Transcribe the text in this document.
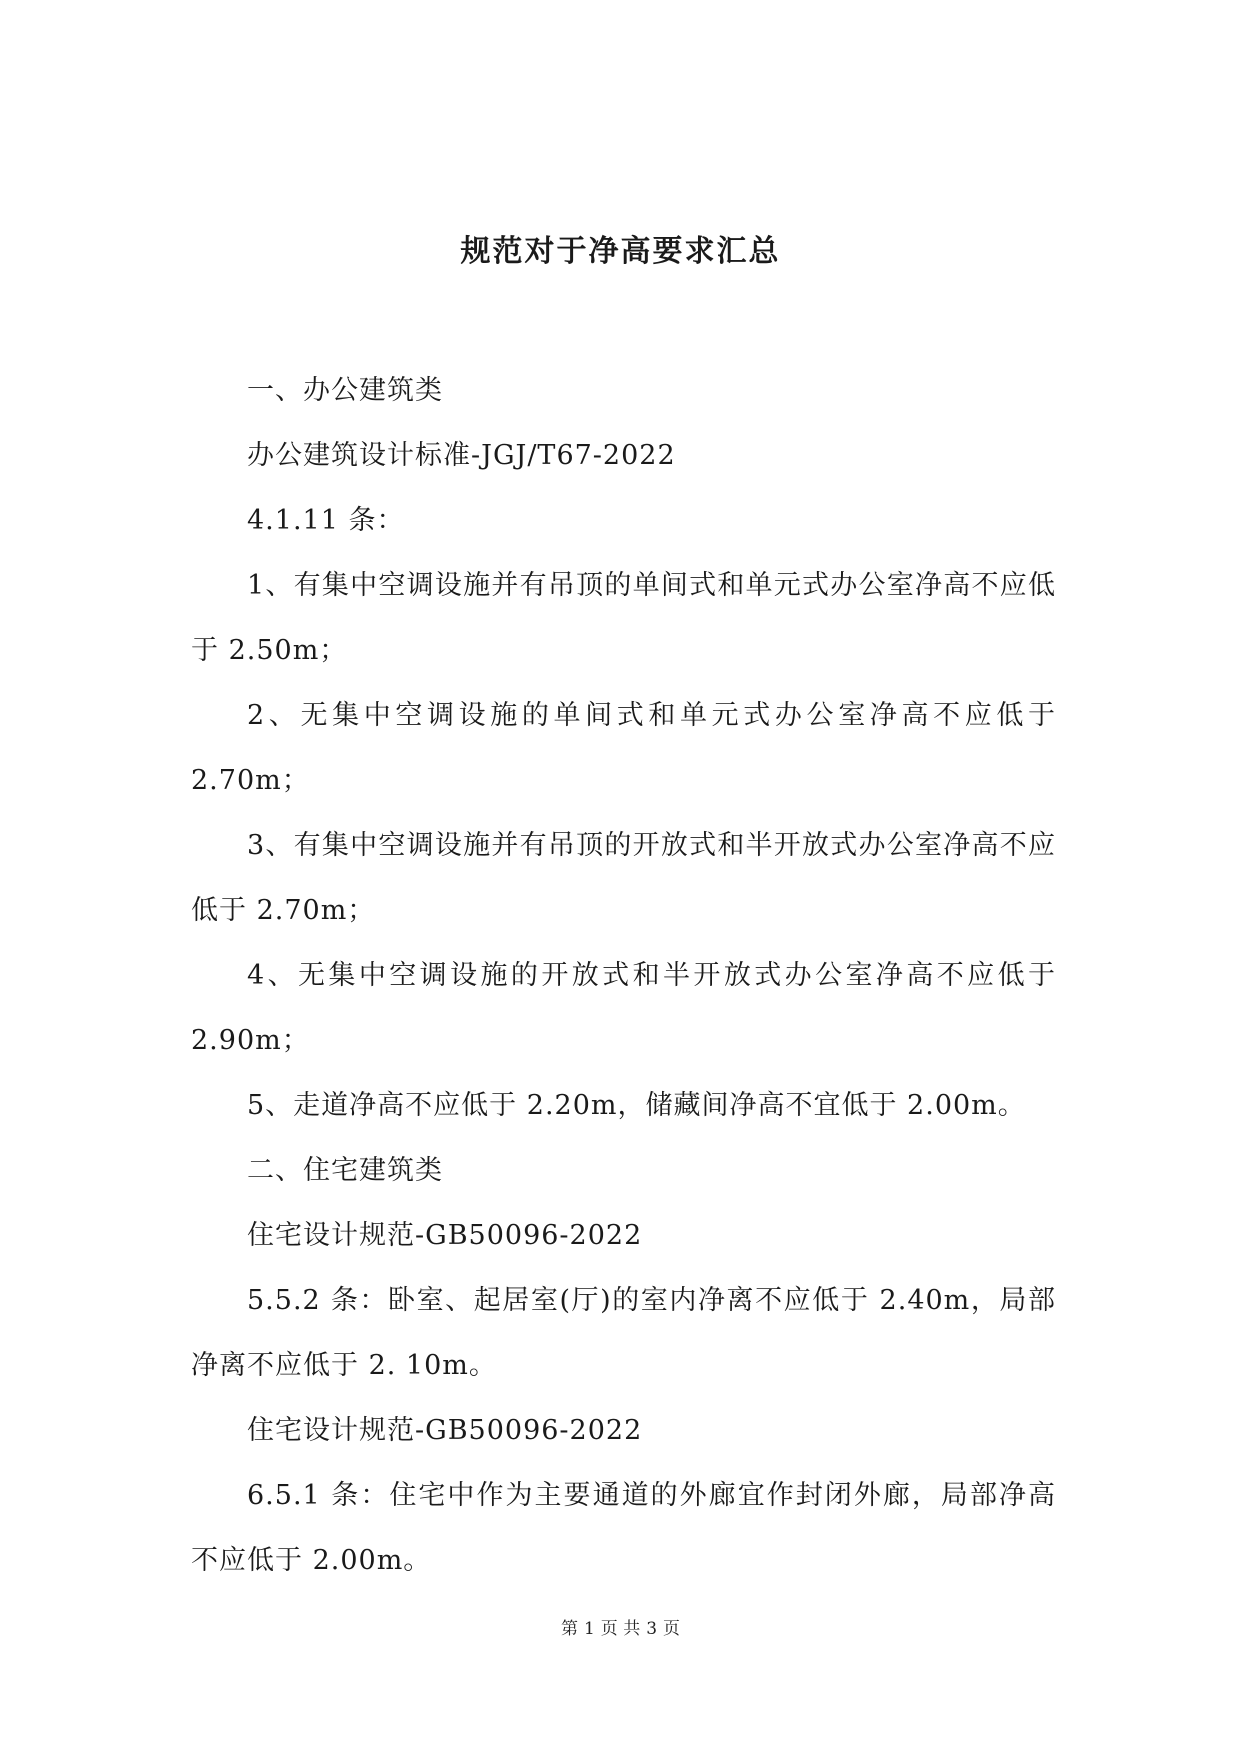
规范对于净高要求汇总

一、办公建筑类

办公建筑设计标准-JGJ/T67-2022

4.1.11 条：

1、有集中空调设施并有吊顶的单间式和单元式办公室净高不应低于 2.50m；

2、无集中空调设施的单间式和单元式办公室净高不应低于 2.70m；

3、有集中空调设施并有吊顶的开放式和半开放式办公室净高不应低于 2.70m；

4、无集中空调设施的开放式和半开放式办公室净高不应低于 2.90m；

5、走道净高不应低于 2.20m，储藏间净高不宜低于 2.00m。

二、住宅建筑类

住宅设计规范-GB50096-2022

5.5.2 条：卧室、起居室(厅)的室内净离不应低于 2.40m，局部净离不应低于 2. 10m。

住宅设计规范-GB50096-2022

6.5.1 条：住宅中作为主要通道的外廊宜作封闭外廊，局部净高不应低于 2.00m。

第 1 页 共 3 页
